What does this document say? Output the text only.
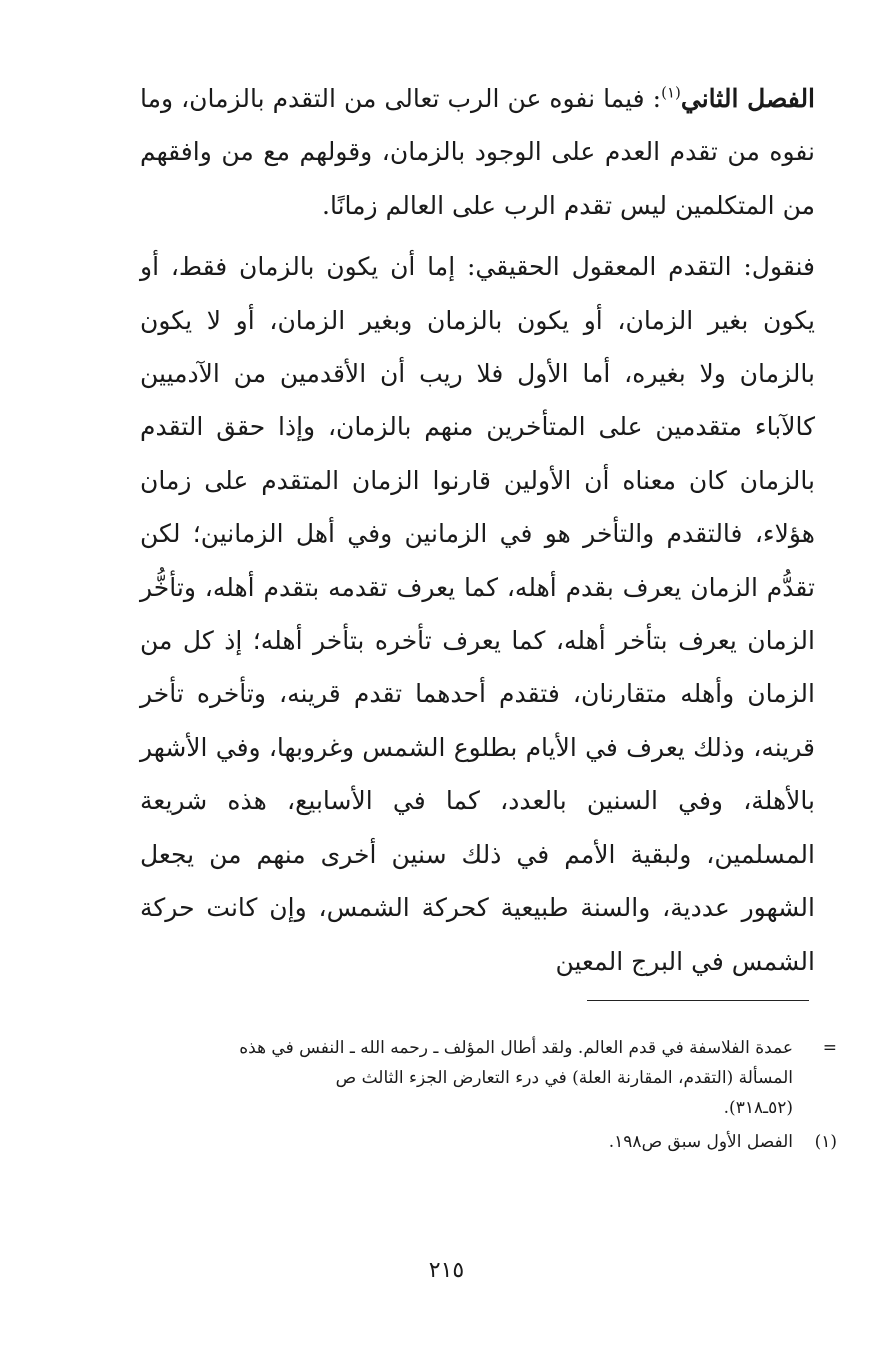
الفصل الثاني$^{(١)}$: فيما نفوه عن الرب تعالى من التقدم بالزمان، وما نفوه من تقدم العدم على الوجود بالزمان، وقولهم مع من وافقهم من المتكلمين ليس تقدم الرب على العالم زمانًا.

فنقول: التقدم المعقول الحقيقي: إما أن يكون بالزمان فقط، أو يكون بغير الزمان، أو يكون بالزمان وبغير الزمان، أو لا يكون بالزمان ولا بغيره، أما الأول فلا ريب أن الأقدمين من الآدميين كالآباء متقدمين على المتأخرين منهم بالزمان، وإذا حقق التقدم بالزمان كان معناه أن الأولين قارنوا الزمان المتقدم على زمان هؤلاء، فالتقدم والتأخر هو في الزمانين وفي أهل الزمانين؛ لكن تقدُّم الزمان يعرف بقدم أهله، كما يعرف تقدمه بتقدم أهله، وتأخُّر الزمان يعرف بتأخر أهله، كما يعرف تأخره بتأخر أهله؛ إذ كل من الزمان وأهله متقارنان، فتقدم أحدهما تقدم قرينه، وتأخره تأخر قرينه، وذلك يعرف في الأيام بطلوع الشمس وغروبها، وفي الأشهر بالأهلة، وفي السنين بالعدد، كما في الأسابيع، هذه شريعة المسلمين، ولبقية الأمم في ذلك سنين أخرى منهم من يجعل الشهور عددية، والسنة طبيعية كحركة الشمس، وإن كانت حركة الشمس في البرج المعين

=
عمدة الفلاسفة في قدم العالم. ولقد أطال المؤلف ـ رحمه الله ـ النفس في هذه
المسألة (التقدم، المقارنة العلة) في درء التعارض الجزء الثالث ص
(٥٢ـ٣١٨).
(١)
الفصل الأول سبق ص١٩٨.
٢١٥
